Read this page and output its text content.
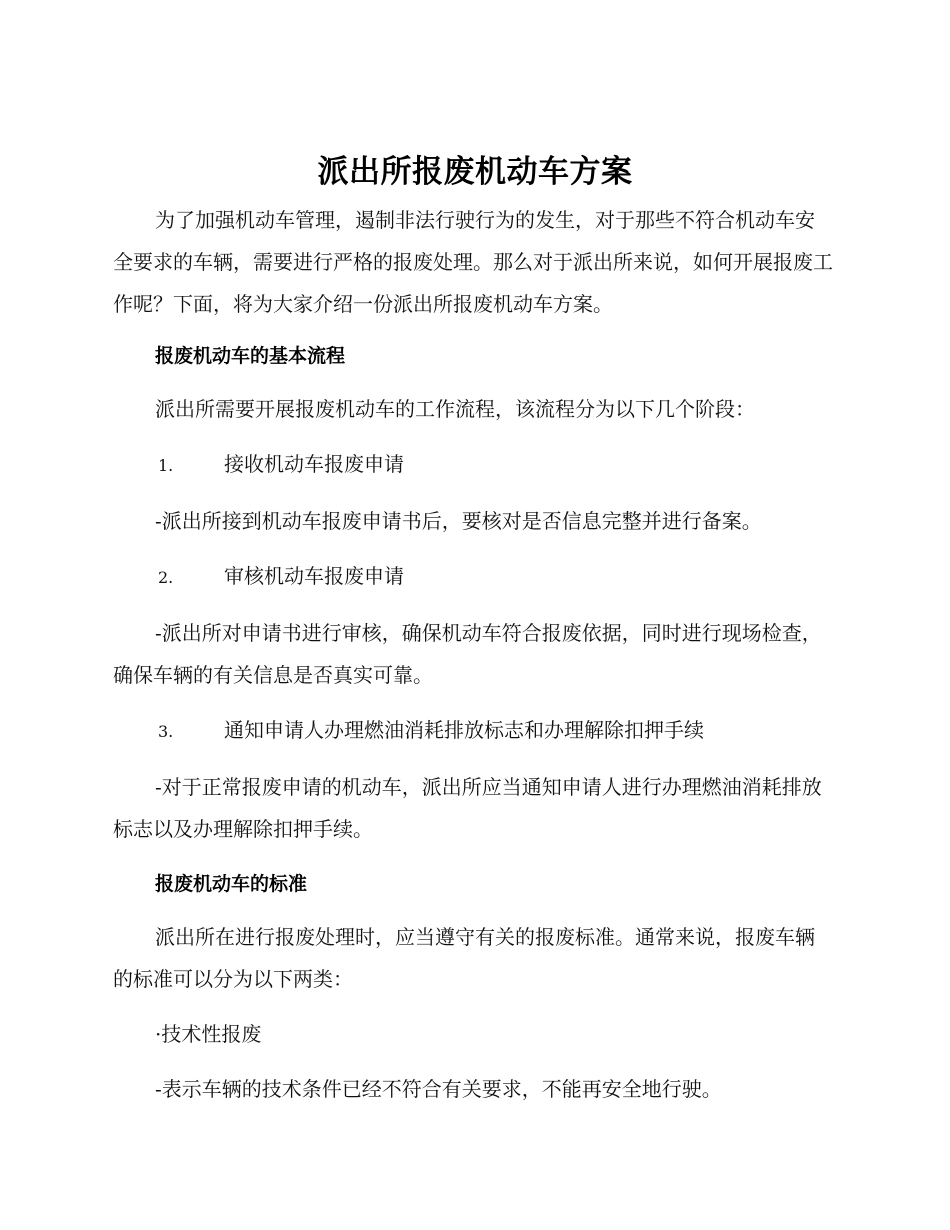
派出所报废机动车方案

为了加强机动车管理，遏制非法行驶行为的发生，对于那些不符合机动车安全要求的车辆，需要进行严格的报废处理。那么对于派出所来说，如何开展报废工作呢？下面，将为大家介绍一份派出所报废机动车方案。

报废机动车的基本流程

派出所需要开展报废机动车的工作流程，该流程分为以下几个阶段：

1.	接收机动车报废申请

-派出所接到机动车报废申请书后，要核对是否信息完整并进行备案。

2.	审核机动车报废申请

-派出所对申请书进行审核，确保机动车符合报废依据，同时进行现场检查，确保车辆的有关信息是否真实可靠。

3.	通知申请人办理燃油消耗排放标志和办理解除扣押手续

-对于正常报废申请的机动车，派出所应当通知申请人进行办理燃油消耗排放标志以及办理解除扣押手续。

报废机动车的标准

派出所在进行报废处理时，应当遵守有关的报废标准。通常来说，报废车辆的标准可以分为以下两类：

·技术性报废

-表示车辆的技术条件已经不符合有关要求，不能再安全地行驶。
